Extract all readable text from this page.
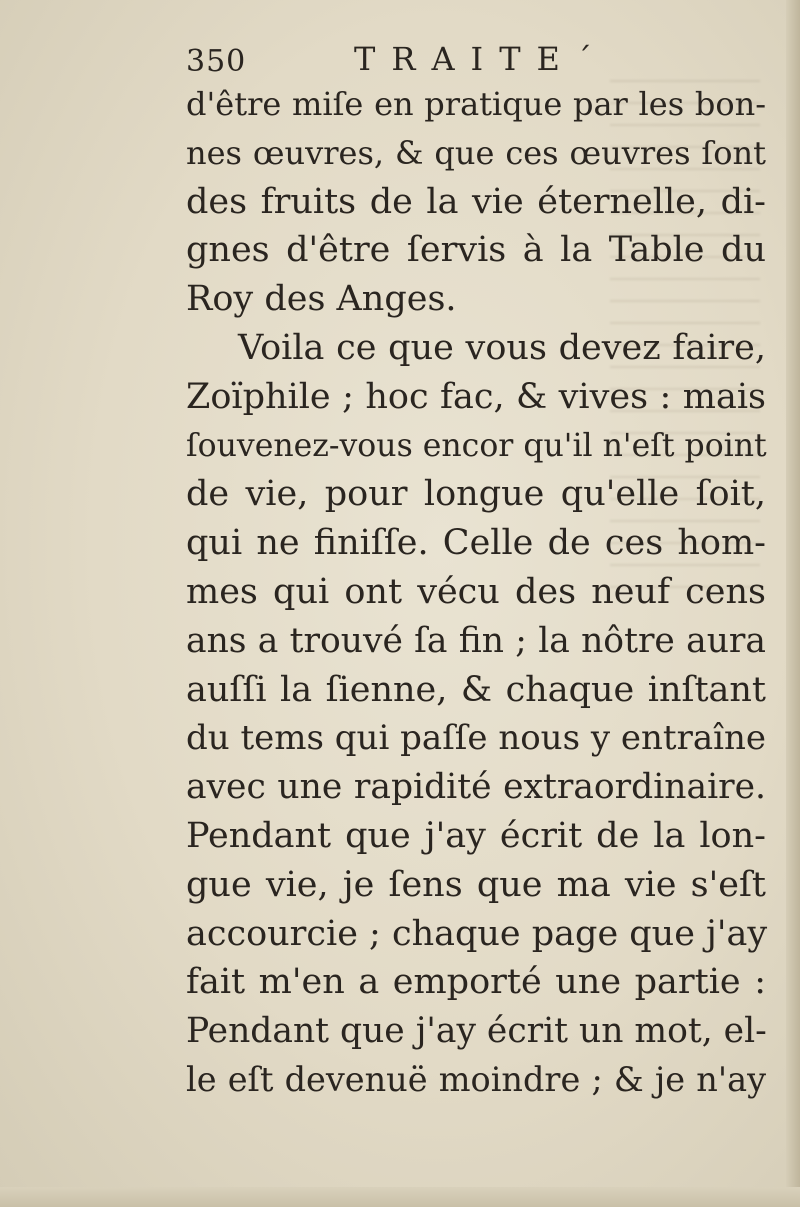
350	TRAITE´
d'être miſe en pratique par les bon-
nes œuvres, & que ces œuvres ſont
des fruits de la vie éternelle, di-
gnes d'être ſervis à la Table du
Roy des Anges.
Voila ce que vous devez faire,
Zoïphile ; hoc fac, & vives : mais
ſouvenez-vous encor qu'il n'eſt point
de vie, pour longue qu'elle ſoit,
qui ne finiſſe. Celle de ces hom-
mes qui ont vécu des neuf cens
ans a trouvé ſa fin ; la nôtre aura
auſſi la ſienne, & chaque inſtant
du tems qui paſſe nous y entraîne
avec une rapidité extraordinaire.
Pendant que j'ay écrit de la lon-
gue vie, je ſens que ma vie s'eſt
accourcie ; chaque page que j'ay
fait m'en a emporté une partie :
Pendant que j'ay écrit un mot, el-
le eſt devenuë moindre ; & je n'ay
